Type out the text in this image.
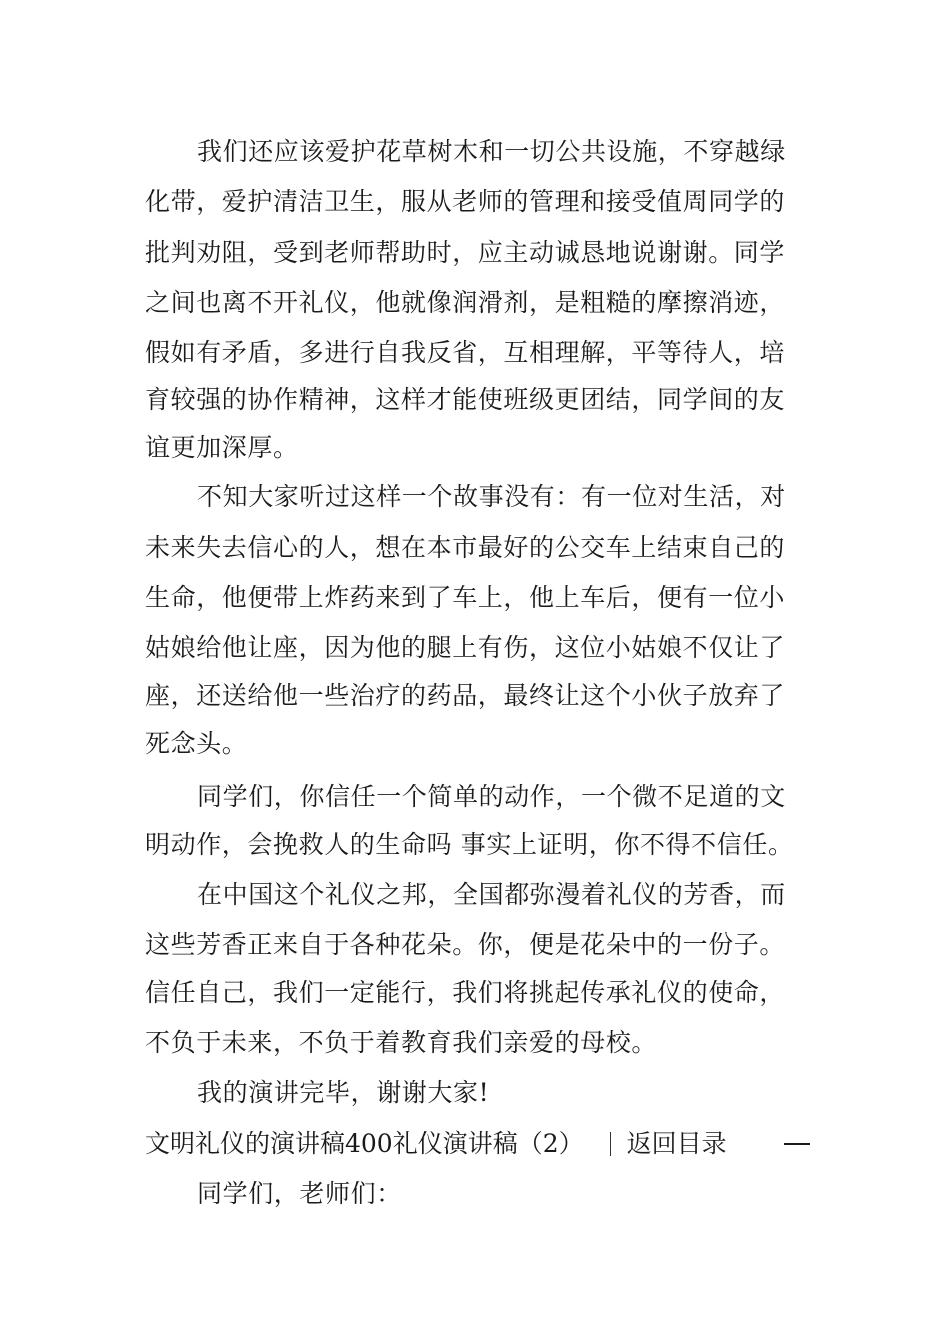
我们还应该爱护花草树木和一切公共设施，不穿越绿
化带，爱护清洁卫生，服从老师的管理和接受值周同学的
批判劝阻，受到老师帮助时，应主动诚恳地说谢谢。同学
之间也离不开礼仪，他就像润滑剂，是粗糙的摩擦消迹，
假如有矛盾，多进行自我反省，互相理解，平等待人，培
育较强的协作精神，这样才能使班级更团结，同学间的友
谊更加深厚。
不知大家听过这样一个故事没有：有一位对生活，对
未来失去信心的人，想在本市最好的公交车上结束自己的
生命，他便带上炸药来到了车上，他上车后，便有一位小
姑娘给他让座，因为他的腿上有伤，这位小姑娘不仅让了
座，还送给他一些治疗的药品，最终让这个小伙子放弃了
死念头。
同学们，你信任一个简单的动作，一个微不足道的文
明动作，会挽救人的生命吗 事实上证明，你不得不信任。
在中国这个礼仪之邦，全国都弥漫着礼仪的芳香，而
这些芳香正来自于各种花朵。你，便是花朵中的一份子。
信任自己，我们一定能行，我们将挑起传承礼仪的使命，
不负于未来，不负于着教育我们亲爱的母校。
我的演讲完毕，谢谢大家!
文明礼仪的演讲稿400礼仪演讲稿（2） 返回目录
同学们，老师们：
